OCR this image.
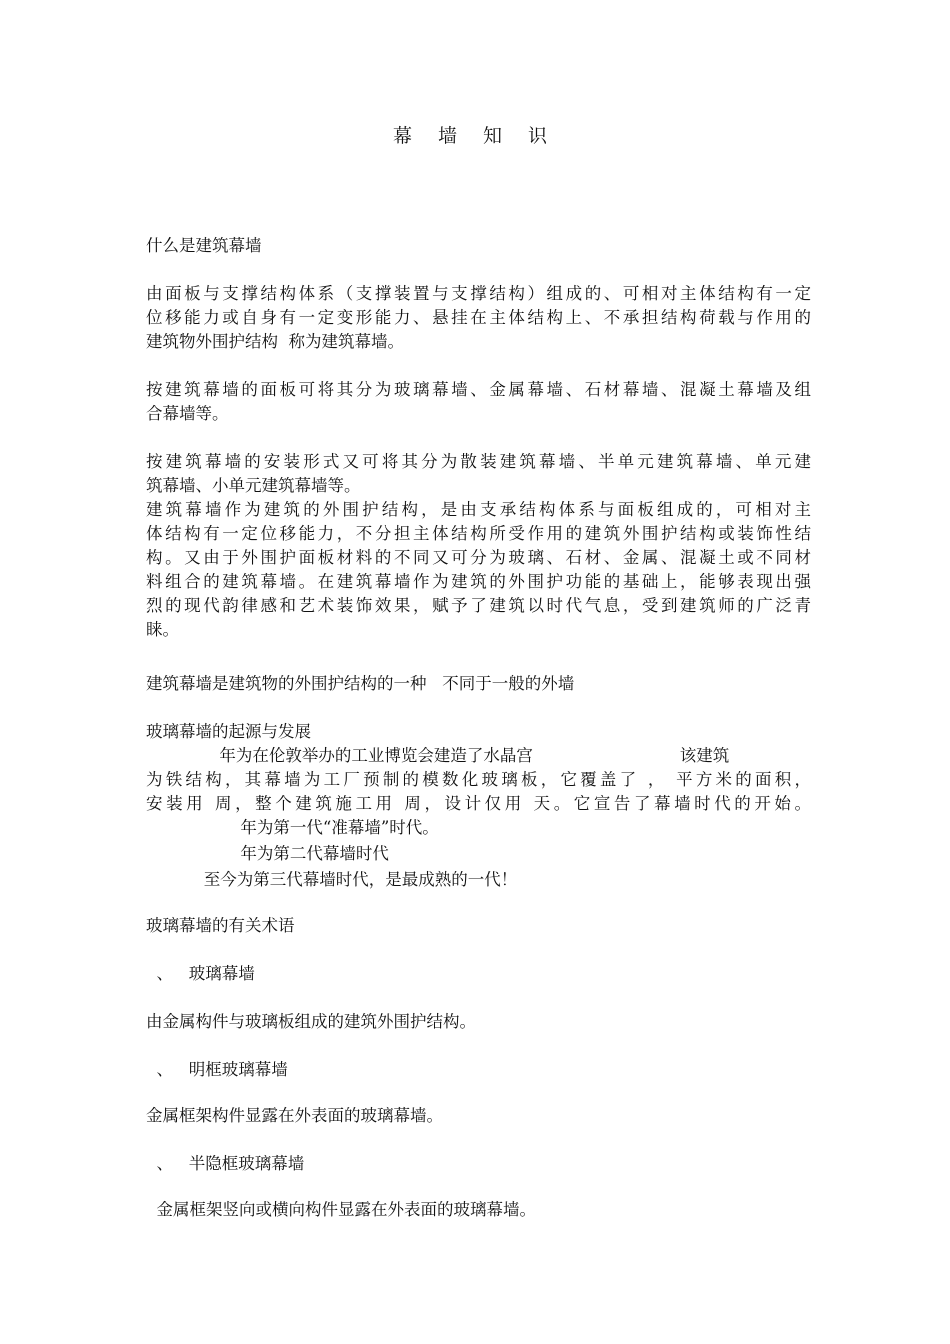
幕 墙 知 识

什么是建筑幕墙

由面板与支撑结构体系（支撑装置与支撑结构）组成的、可相对主体结构有一定

位移能力或自身有一定变形能力、悬挂在主体结构上、不承担结构荷载与作用的

建筑物外围护结构  称为建筑幕墙。

按建筑幕墙的面板可将其分为玻璃幕墙、金属幕墙、石材幕墙、混凝土幕墙及组

合幕墙等。

按建筑幕墙的安装形式又可将其分为散装建筑幕墙、半单元建筑幕墙、单元建

筑幕墙、小单元建筑幕墙等。

建筑幕墙作为建筑的外围护结构，是由支承结构体系与面板组成的，可相对主

体结构有一定位移能力，不分担主体结构所受作用的建筑外围护结构或装饰性结

构。又由于外围护面板材料的不同又可分为玻璃、石材、金属、混凝土或不同材

料组合的建筑幕墙。在建筑幕墙作为建筑的外围护功能的基础上，能够表现出强

烈的现代韵律感和艺术装饰效果，赋予了建筑以时代气息，受到建筑师的广泛青

睐。

建筑幕墙是建筑物的外围护结构的一种   不同于一般的外墙

玻璃幕墙的起源与发展

年为在伦敦举办的工业博览会建造了水晶宫                            该建筑

为铁结构，其幕墙为工厂预制的模数化玻璃板，它覆盖了 ， 平方米的面积，

安装用 周，整个建筑施工用 周，设计仅用 天。它宣告了幕墙时代的开始。

年为第一代“准幕墙”时代。

年为第二代幕墙时代

至今为第三代幕墙时代，是最成熟的一代！

玻璃幕墙的有关术语

、   玻璃幕墙

由金属构件与玻璃板组成的建筑外围护结构。

、   明框玻璃幕墙

金属框架构件显露在外表面的玻璃幕墙。

、   半隐框玻璃幕墙

金属框架竖向或横向构件显露在外表面的玻璃幕墙。
